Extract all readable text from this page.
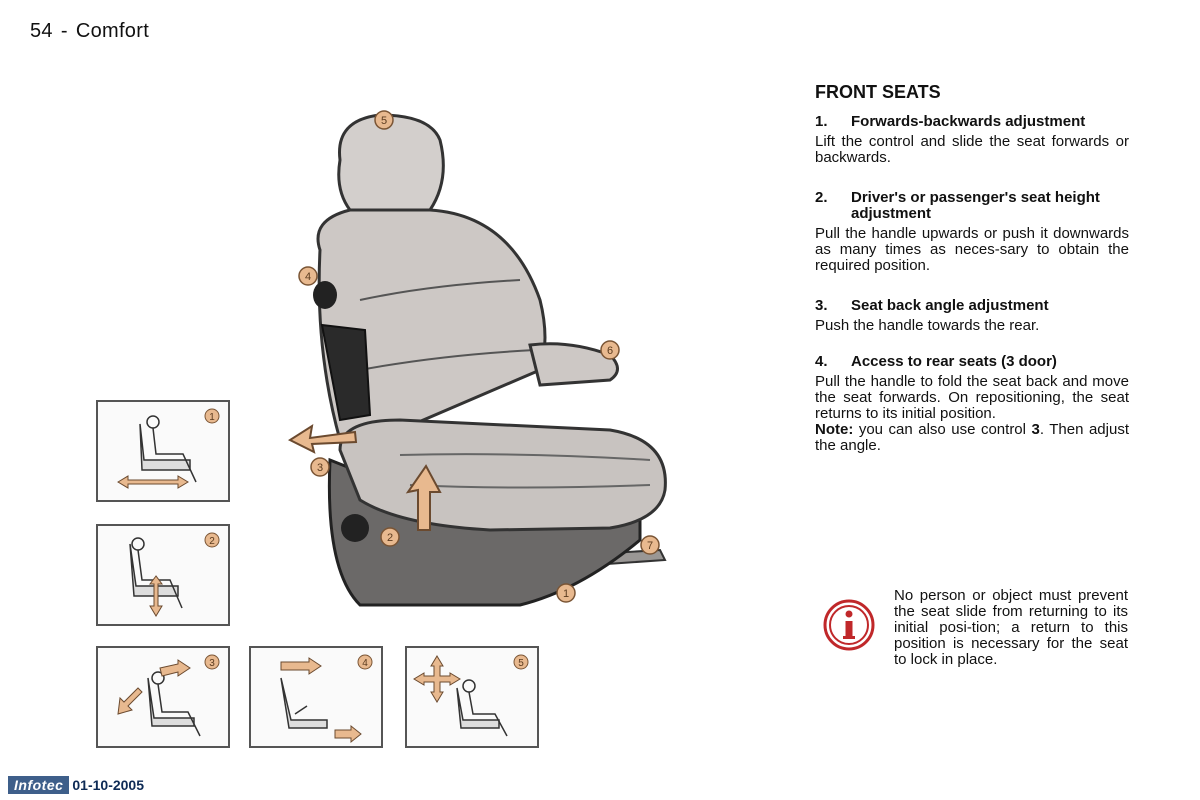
54 - Comfort
5
4
6
3
2
7
1
1
2
3	4	5
FRONT SEATS
1.	Forwards-backwards adjustment

Lift the control and slide the seat forwards or backwards.

2.	Driver's or passenger's seat height adjustment

Pull the handle upwards or push it downwards as many times as neces-sary to obtain the required position.

3.	Seat back angle adjustment

Push the handle towards the rear.

4.	Access to rear seats (3 door)

Pull the handle to fold the seat back and move the seat forwards. On repositioning, the seat returns to its initial position.

Note: you can also use control 3. Then adjust the angle.

No person or object must prevent the seat slide from returning to its initial posi-tion; a return to this position is necessary for the seat to lock in place.
Infotec 01-10-2005
